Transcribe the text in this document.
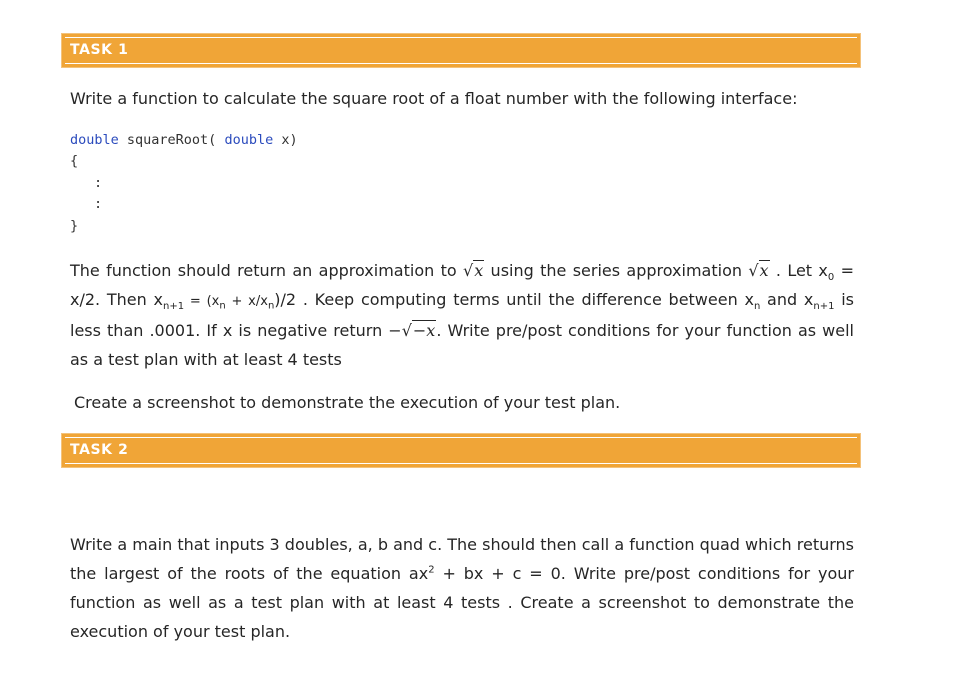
TASK 1
Write a function to calculate the square root of a float number with the following interface:
double squareRoot( double x)
{
:
:
}
The function should return an approximation to √x using the series approximation √x . Let $x_0 = x/2$. Then $x_{n+1} = (x_n + x/x_n)/2$ . Keep computing terms until the difference between $x_n$ and $x_{n+1}$ is less than .0001. If x is negative return −√−x. Write pre/post conditions for your function as well as a test plan with at least 4 tests
Create a screenshot to demonstrate the execution of your test plan.
TASK 2
Write a main that inputs 3 doubles, a, b and c. The should then call a function quad which returns the largest of the roots of the equation $ax^2$ + bx + c = 0. Write pre/post conditions for your function as well as a test plan with at least 4 tests . Create a screenshot to demonstrate the execution of your test plan.
